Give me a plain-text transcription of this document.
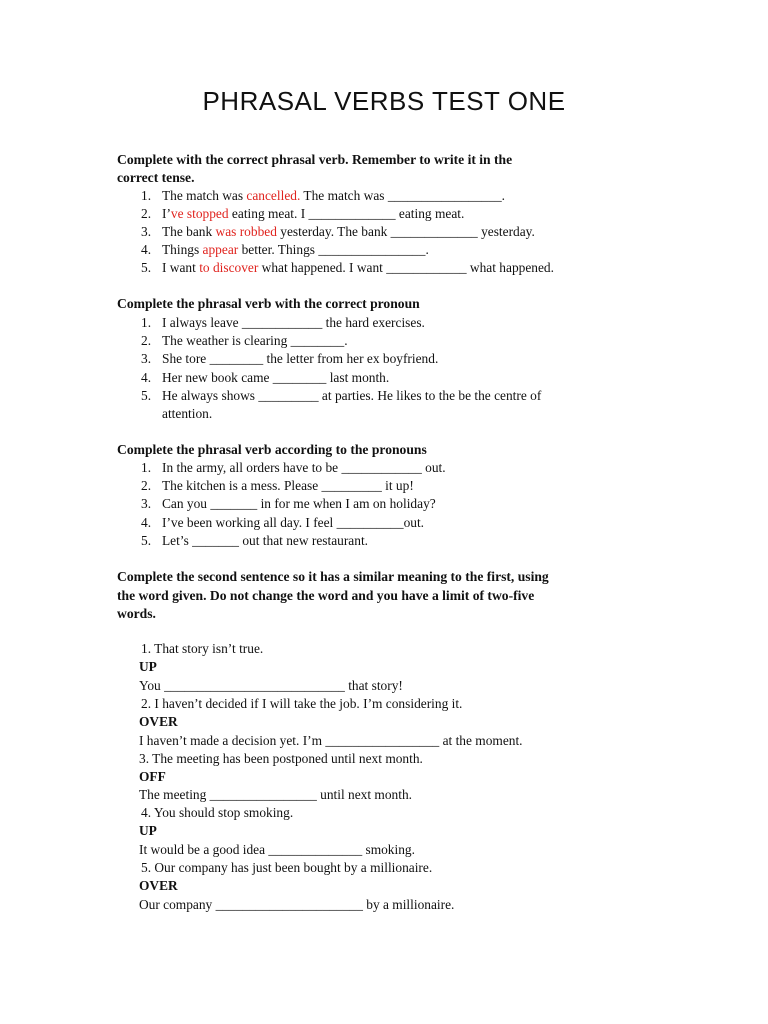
PHRASAL VERBS TEST ONE
Complete with the correct phrasal verb. Remember to write it in the
correct tense.
1. The match was cancelled. The match was _________________.
2. I’ve stopped eating meat. I _____________ eating meat.
3. The bank was robbed yesterday. The bank _____________ yesterday.
4. Things appear better. Things ________________.
5. I want to discover what happened. I want ____________ what happened.
Complete the phrasal verb with the correct pronoun
1. I always leave ____________ the hard exercises.
2. The weather is clearing ________.
3. She tore ________ the letter from her ex boyfriend.
4. Her new book came ________ last month.
5. He always shows _________ at parties. He likes to the be the centre of
attention.
Complete the phrasal verb according to the pronouns
1. In the army, all orders have to be ____________ out.
2. The kitchen is a mess. Please _________ it up!
3. Can you _______ in for me when I am on holiday?
4. I’ve been working all day. I feel __________out.
5. Let’s _______ out that new restaurant.
Complete the second sentence so it has a similar meaning to the first, using
the word given. Do not change the word and you have a limit of two-five
words.
1. That story isn’t true.
UP
You ___________________________ that story!
2. I haven’t decided if I will take the job. I’m considering it.
OVER
I haven’t made a decision yet. I’m _________________ at the moment.
3. The meeting has been postponed until next month.
OFF
The meeting ________________ until next month.
4. You should stop smoking.
UP
It would be a good idea ______________ smoking.
5. Our company has just been bought by a millionaire.
OVER
Our company ______________________ by a millionaire.
